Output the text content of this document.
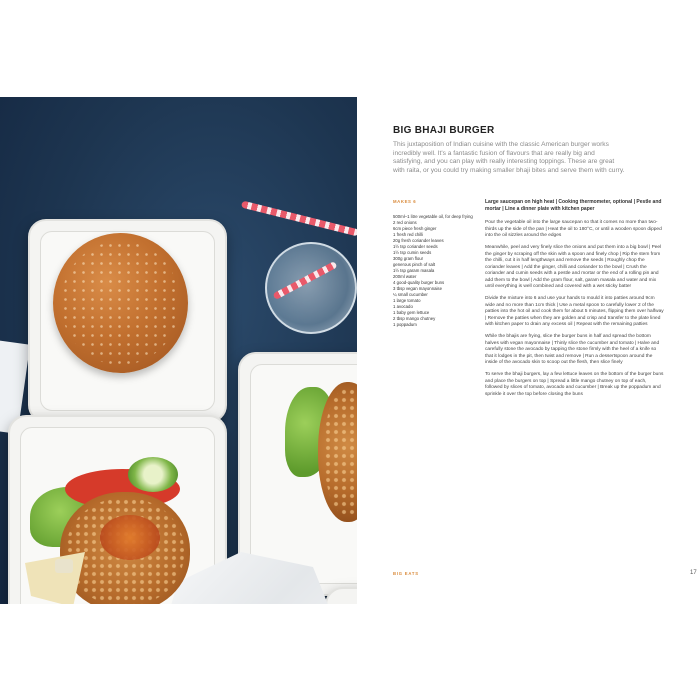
BIG BHAJI BURGER

This juxtaposition of Indian cuisine with the classic American burger works incredibly well. It's a fantastic fusion of flavours that are really big and satisfying, and you can play with really interesting toppings. These are great with raita, or you could try making smaller bhaji bites and serve them with curry.

MAKES 6

500ml–1 litre vegetable oil, for deep frying
2 red onions
6cm piece fresh ginger
1 fresh red chilli
20g fresh coriander leaves
1½ tsp coriander seeds
1½ tsp cumin seeds
300g gram flour
generous pinch of salt
1½ tsp garam masala
200ml water
4 good-quality burger buns
3 tbsp vegan mayonnaise
¼ small cucumber
1 large tomato
1 avocado
1 baby gem lettuce
2 tbsp mango chutney
1 poppadum

Large saucepan on high heat | Cooking thermometer, optional | Pestle and mortar | Line a dinner plate with kitchen paper

Pour the vegetable oil into the large saucepan so that it comes no more than two-thirds up the side of the pan | Heat the oil to 180°C, or until a wooden spoon dipped into the oil sizzles around the edges

Meanwhile, peel and very finely slice the onions and put them into a big bowl | Peel the ginger by scraping off the skin with a spoon and finely chop | Rip the stem from the chilli, cut it in half lengthways and remove the seeds | Roughly chop the coriander leaves | Add the ginger, chilli and coriander to the bowl | Crush the coriander and cumin seeds with a pestle and mortar or the end of a rolling pin and add them to the bowl | Add the gram flour, salt, garam masala and water and mix until everything is well combined and covered with a wet sticky batter

Divide the mixture into 6 and use your hands to mould it into patties around 9cm wide and no more than 1cm thick | Use a metal spoon to carefully lower 2 of the patties into the hot oil and cook them for about 5 minutes, flipping them over halfway | Remove the patties when they are golden and crisp and transfer to the plate lined with kitchen paper to drain any excess oil | Repeat with the remaining patties

While the bhajis are frying, slice the burger buns in half and spread the bottom halves with vegan mayonnaise | Thinly slice the cucumber and tomato | Halve and carefully stone the avocado by tapping the stone firmly with the heel of a knife so that it lodges in the pit, then twist and remove | Run a dessertspoon around the inside of the avocado skin to scoop out the flesh, then slice finely

To serve the bhaji burgers, lay a few lettuce leaves on the bottom of the burger buns and place the burgers on top | Spread a little mango chutney on top of each, followed by slices of tomato, avocado and cucumber | Break up the poppadum and sprinkle it over the top before closing the buns

BIG EATS	17
